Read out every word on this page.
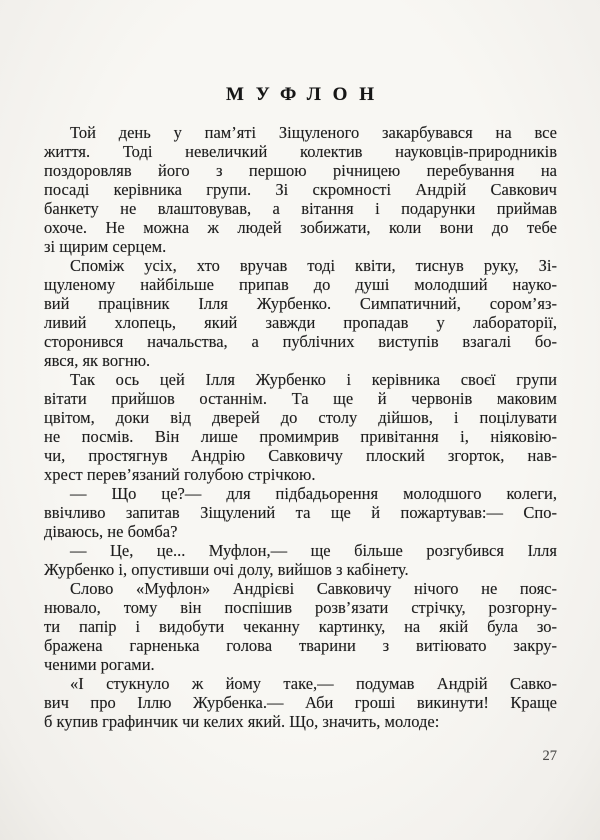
МУФЛОН
Той день у пам’яті Зіщуленого закарбувався на все
життя. Тоді невеличкий колектив науковців-природників
поздоровляв його з першою річницею перебування на
посаді керівника групи. Зі скромності Андрій Савкович
банкету не влаштовував, а вітання і подарунки приймав
охоче. Не можна ж людей зобижати, коли вони до тебе
зі щирим серцем.
Споміж усіх, хто вручав тоді квіти, тиснув руку, Зі-
щуленому найбільше припав до душі молодший науко-
вий працівник Ілля Журбенко. Симпатичний, сором’яз-
ливий хлопець, який завжди пропадав у лабораторії,
сторонився начальства, а публічних виступів взагалі бо-
явся, як вогню.
Так ось цей Ілля Журбенко і керівника своєї групи
вітати прийшов останнім. Та ще й червонів маковим
цвітом, доки від дверей до столу дійшов, і поцілувати
не посмів. Він лише промимрив привітання і, ніяковію-
чи, простягнув Андрію Савковичу плоский згорток, нав-
хрест перев’язаний голубою стрічкою.
— Що це?— для підбадьорення молодшого колеги,
ввічливо запитав Зіщулений та ще й пожартував:— Спо-
діваюсь, не бомба?
— Це, це... Муфлон,— ще більше розгубився Ілля
Журбенко і, опустивши очі долу, вийшов з кабінету.
Слово «Муфлон» Андрієві Савковичу нічого не пояс-
нювало, тому він поспішив розв’язати стрічку, розгорну-
ти папір і видобути чеканну картинку, на якій була зо-
бражена гарненька голова тварини з витіювато закру-
ченими рогами.
«І стукнуло ж йому таке,— подумав Андрій Савко-
вич про Іллю Журбенка.— Аби гроші викинути! Краще
б купив графинчик чи келих який. Що, значить, молоде:
27
